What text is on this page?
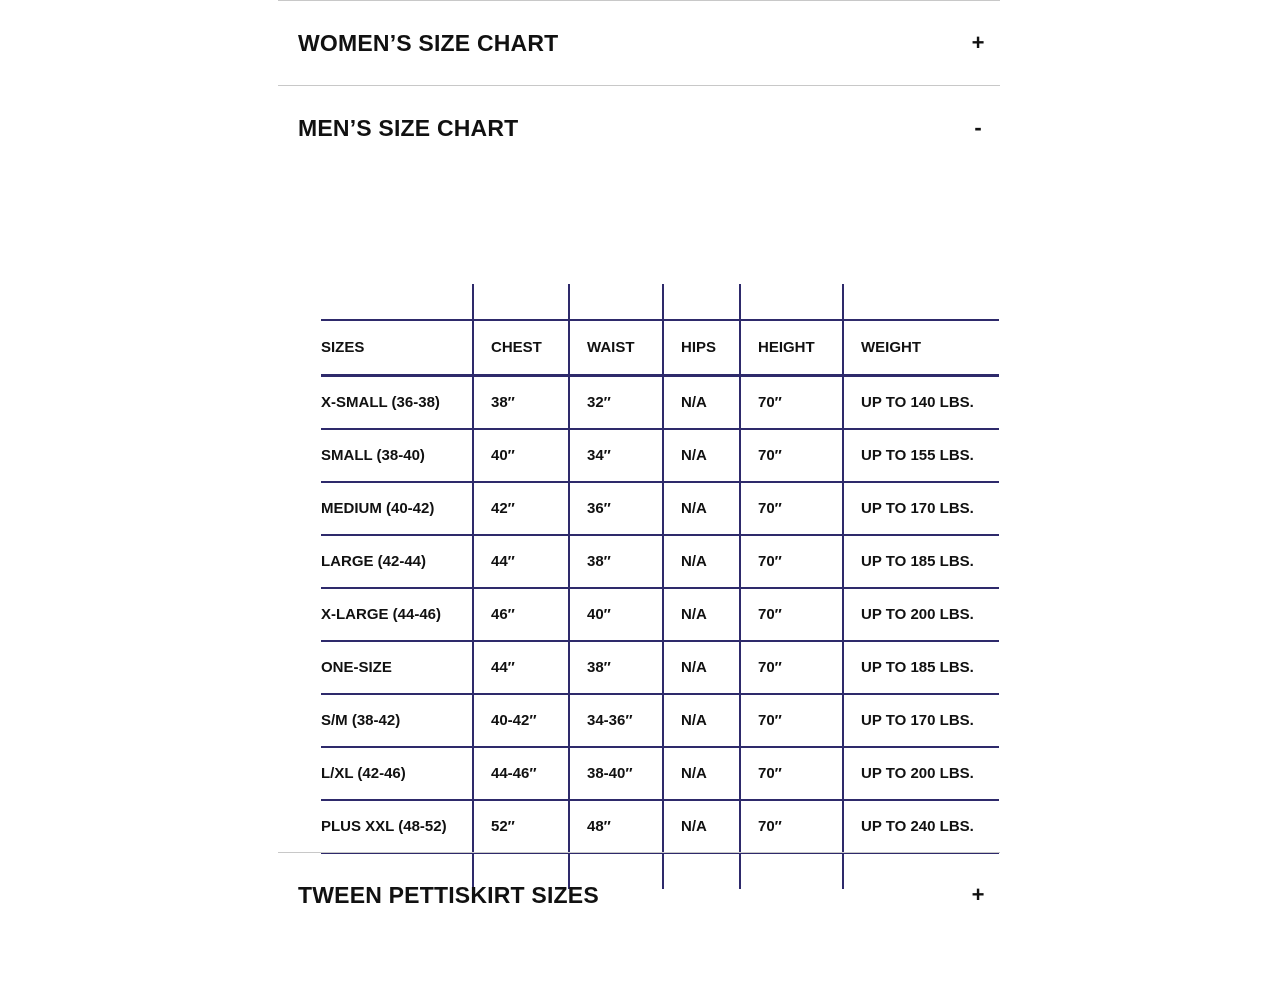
WOMEN’S SIZE CHART	+
MEN’S SIZE CHART	-

SIZES	CHEST	WAIST	HIPS	HEIGHT	WEIGHT

X-SMALL (36-38)	38″	32″	N/A	70″	UP TO 140 LBS.

SMALL (38-40)	40″	34″	N/A	70″	UP TO 155 LBS.

MEDIUM (40-42)	42″	36″	N/A	70″	UP TO 170 LBS.

LARGE (42-44)	44″	38″	N/A	70″	UP TO 185 LBS.

X-LARGE (44-46)	46″	40″	N/A	70″	UP TO 200 LBS.

ONE-SIZE	44″	38″	N/A	70″	UP TO 185 LBS.

S/M (38-42)	40-42″	34-36″	N/A	70″	UP TO 170 LBS.

L/XL (42-46)	44-46″	38-40″	N/A	70″	UP TO 200 LBS.

PLUS XXL (48-52)	52″	48″	N/A	70″	UP TO 240 LBS.

TWEEN PETTISKIRT SIZES	+
